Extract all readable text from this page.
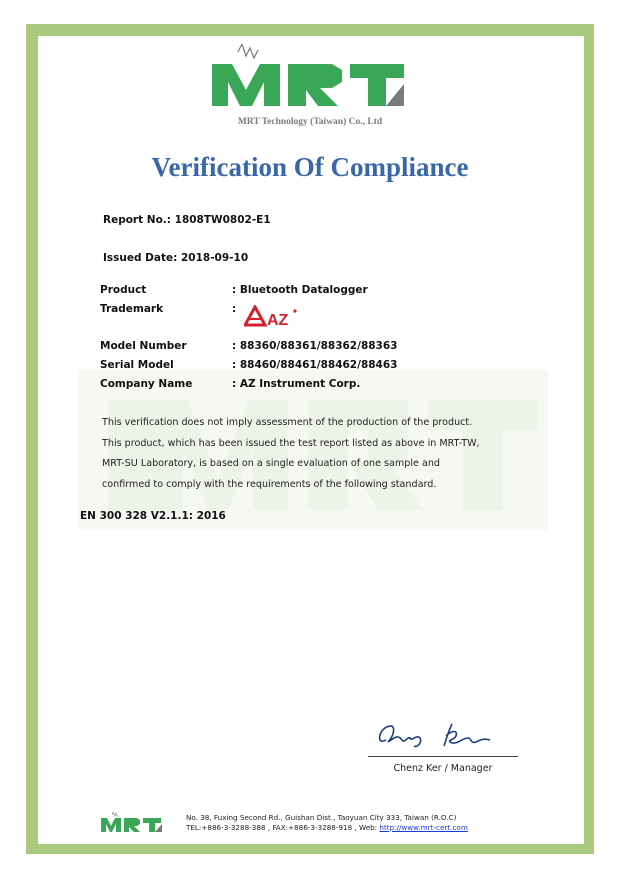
MRT
MRT Technology (Taiwan) Co., Ltd
Verification Of Compliance
Report No.: 1808TW0802-E1
Issued Date: 2018-09-10
Product	: Bluetooth Datalogger
Trademark	:
AZ
Model Number	: 88360/88361/88362/88363
Serial Model	: 88460/88461/88462/88463
Company Name	: AZ Instrument Corp.
This verification does not imply assessment of the production of the product.
This product, which has been issued the test report listed as above in MRT-TW,
MRT-SU Laboratory, is based on a single evaluation of one sample and
confirmed to comply with the requirements of the following standard.
EN 300 328 V2.1.1: 2016
Chenz Ker / Manager
MRT
No. 38, Fuxing Second Rd., Guishan Dist., Taoyuan City 333, Taiwan (R.O.C)
TEL:+886-3-3288-388 , FAX:+886-3-3288-918 , Web: http://www.mrt-cert.com
